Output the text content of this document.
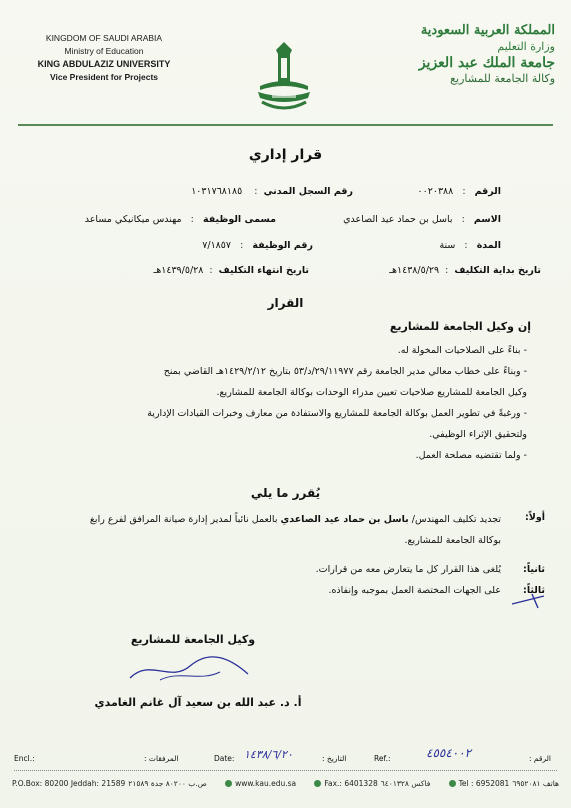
KINGDOM OF SAUDI ARABIA
Ministry of Education
KING ABDULAZIZ UNIVERSITY
Vice President for Projects
المملكة العربية السعودية
وزارة التعليم
جامعة الملك عبد العزيز
وكالة الجامعة للمشاريع
قرار إداري
الرقم   :   ٠٠٢٠٣٨٨
رقم السجل المدني  :    ١٠٣١٧٦٨١٨٥
الاسم   :   باسل بن حماد عيد الصاعدي
مسمى الوظيفة   :   مهندس ميكانيكي مساعد
المدة   :   سنة
رقم الوظيفة   :   ٧/١٨٥٧
تاريخ بداية التكليف  :  ١٤٣٨/٥/٢٩هـ
تاريخ انتهاء التكليف  :  ١٤٣٩/٥/٢٨هـ
القرار
إن وكيل الجامعة للمشاريع
- بناءً على الصلاحيات المخولة له.
- وبناءً على خطاب معالي مدير الجامعة رقم ٢٩/١١٩٧٧/د/٥٣ بتاريخ ١٤٢٩/٢/١٢هـ القاضي بمنح
وكيل الجامعة للمشاريع صلاحيات تعيين مدراء الوحدات بوكالة الجامعة للمشاريع.
- ورغبةً في تطوير العمل بوكالة الجامعة للمشاريع والاستفادة من معارف وخبرات القيادات الإدارية
ولتحقيق الإثراء الوظيفي.
- ولما تقتضيه مصلحة العمل.
يُقرر ما يلي
أولاً:
تجديد تكليف المهندس/ باسل بن حماد عيد الصاعدي بالعمل نائباً لمدير إدارة صيانة المرافق لفرع رابغ
بوكالة الجامعة للمشاريع.
ثانياً:
يُلغى هذا القرار كل ما يتعارض معه من قرارات.
ثالثاً:
على الجهات المختصة العمل بموجبه وإنفاذه.
وكيل الجامعة للمشاريع
أ. د. عبد الله بن سعيد آل غانم الغامدي
Encl.:	المرفقات :	Date: ١٤٣٨/٦/٢٠	التاريخ :	Ref.:	٤٥٥٤٠٠٢	الرقم :
P.O.Box: 80200 Jeddah: 21589 ص.ب ٨٠٢٠٠ جدة ٢١٥٨٩	www.kau.edu.sa	Fax.: 6401328 فاكس ٦٤٠١٣٢٨	Tel : 6952081 هاتف ٦٩٥٢٠٨١
